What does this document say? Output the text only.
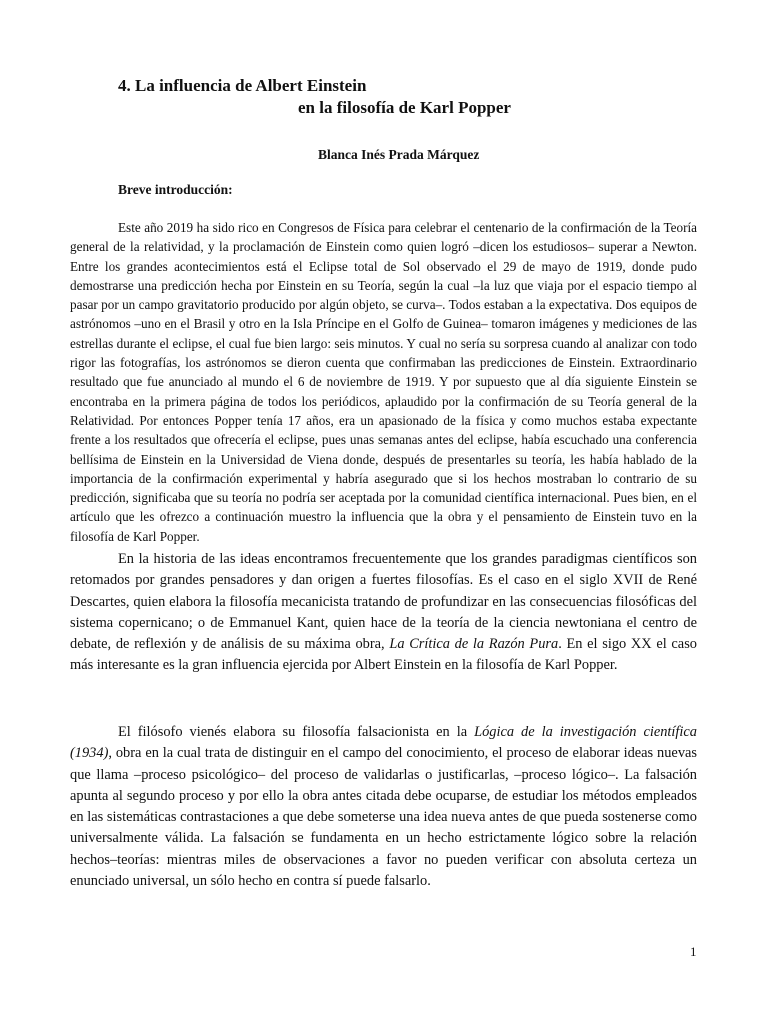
4. La influencia de Albert Einstein
en la filosofía de Karl Popper
Blanca Inés Prada Márquez
Breve introducción:

Este año 2019 ha sido rico en Congresos de Física para celebrar el centenario de la confirmación de la Teoría general de la relatividad, y la proclamación de Einstein como quien logró –dicen los estudiosos– superar a Newton. Entre los grandes acontecimientos está el Eclipse total de Sol observado el 29 de mayo de 1919, donde pudo demostrarse una predicción hecha por Einstein en su Teoría, según la cual –la luz que viaja por el espacio tiempo al pasar por un campo gravitatorio producido por algún objeto, se curva–. Todos estaban a la expectativa. Dos equipos de astrónomos –uno en el Brasil y otro en la Isla Príncipe en el Golfo de Guinea– tomaron imágenes y mediciones de las estrellas durante el eclipse, el cual fue bien largo: seis minutos. Y cual no sería su sorpresa cuando al analizar con todo rigor las fotografías, los astrónomos se dieron cuenta que confirmaban las predicciones de Einstein. Extraordinario resultado que fue anunciado al mundo el 6 de noviembre de 1919. Y por supuesto que al día siguiente Einstein se encontraba en la primera página de todos los periódicos, aplaudido por la confirmación de su Teoría general de la Relatividad. Por entonces Popper tenía 17 años, era un apasionado de la física y como muchos estaba expectante frente a los resultados que ofrecería el eclipse, pues unas semanas antes del eclipse, había escuchado una conferencia bellísima de Einstein en la Universidad de Viena donde, después de presentarles su teoría, les había hablado de la importancia de la confirmación experimental y habría asegurado que si los hechos mostraban lo contrario de su predicción, significaba que su teoría no podría ser aceptada por la comunidad científica internacional. Pues bien, en el artículo que les ofrezco a continuación muestro la influencia que la obra y el pensamiento de Einstein tuvo en la filosofía de Karl Popper.

En la historia de las ideas encontramos frecuentemente que los grandes paradigmas científicos son retomados por grandes pensadores y dan origen a fuertes filosofías. Es el caso en el siglo XVII de René Descartes, quien elabora la filosofía mecanicista tratando de profundizar en las consecuencias filosóficas del sistema copernicano; o de Emmanuel Kant, quien hace de la teoría de la ciencia newtoniana el centro de debate, de reflexión y de análisis de su máxima obra, La Crítica de la Razón Pura. En el sigo XX el caso más interesante es la gran influencia ejercida por Albert Einstein en la filosofía de Karl Popper.

El filósofo vienés elabora su filosofía falsacionista en la Lógica de la investigación científica (1934), obra en la cual trata de distinguir en el campo del conocimiento, el proceso de elaborar ideas nuevas que llama –proceso psicológico– del proceso de validarlas o justificarlas, –proceso lógico–. La falsación apunta al segundo proceso y por ello la obra antes citada debe ocuparse, de estudiar los métodos empleados en las sistemáticas contrastaciones a que debe someterse una idea nueva antes de que pueda sostenerse como universalmente válida. La falsación se fundamenta en un hecho estrictamente lógico sobre la relación hechos–teorías: mientras miles de observaciones a favor no pueden verificar con absoluta certeza un enunciado universal, un sólo hecho en contra sí puede falsarlo.

1
